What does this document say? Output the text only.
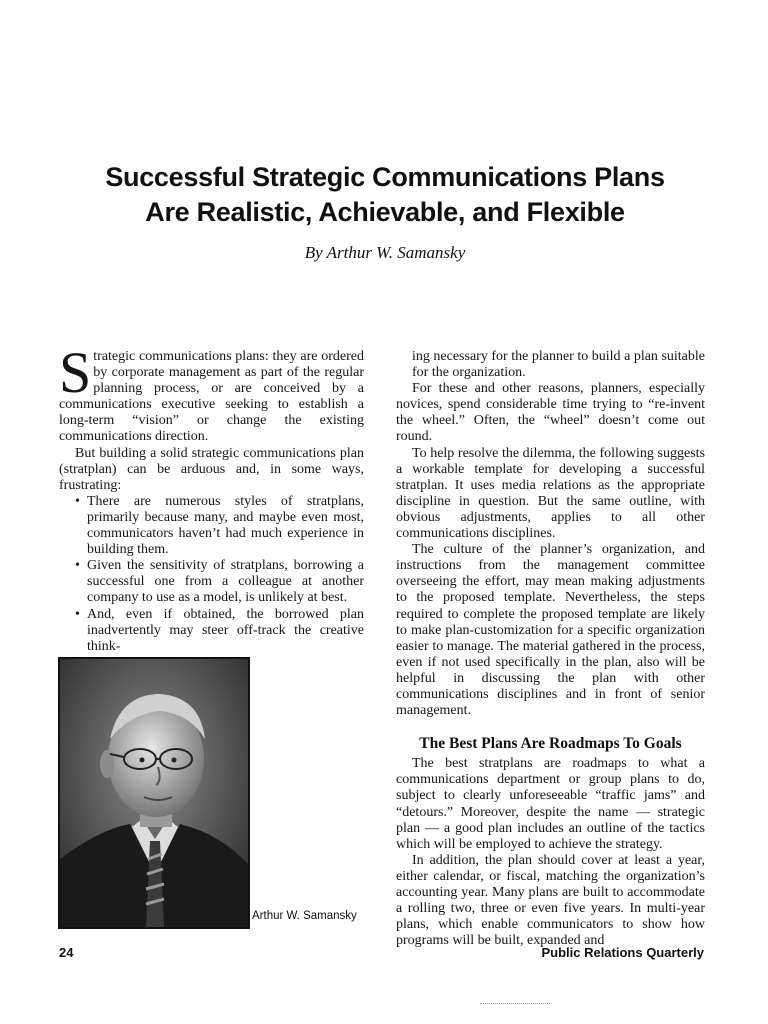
Successful Strategic Communications Plans
Are Realistic, Achievable, and Flexible
By Arthur W. Samansky

Strategic communications plans: they are ordered by corporate management as part of the regular planning process, or are conceived by a communications executive seeking to establish a long-term “vision” or change the existing communications direction.

But building a solid strategic communications plan (stratplan) can be arduous and, in some ways, frustrating:

• There are numerous styles of stratplans, primarily because many, and maybe even most, communicators haven’t had much experience in building them.
• Given the sensitivity of stratplans, borrowing a successful one from a colleague at another company to use as a model, is unlikely at best.
• And, even if obtained, the borrowed plan inadvertently may steer off-track the creative think-

ing necessary for the planner to build a plan suitable for the organization.

For these and other reasons, planners, especially novices, spend considerable time trying to “re-invent the wheel.” Often, the “wheel” doesn’t come out round.

To help resolve the dilemma, the following suggests a workable template for developing a successful stratplan. It uses media relations as the appropriate discipline in question. But the same outline, with obvious adjustments, applies to all other communications disciplines.

The culture of the planner’s organization, and instructions from the management committee overseeing the effort, may mean making adjustments to the proposed template. Nevertheless, the steps required to complete the proposed template are likely to make plan-customization for a specific organization easier to manage. The material gathered in the process, even if not used specifically in the plan, also will be helpful in discussing the plan with other communications disciplines and in front of senior management.

The Best Plans Are Roadmaps To Goals

The best stratplans are roadmaps to what a communications department or group plans to do, subject to clearly unforeseeable “traffic jams” and “detours.” Moreover, despite the name — strategic plan — a good plan includes an outline of the tactics which will be employed to achieve the strategy.

In addition, the plan should cover at least a year, either calendar, or fiscal, matching the organization’s accounting year. Many plans are built to accommodate a rolling two, three or even five years. In multi-year plans, which enable communicators to show how programs will be built, expanded and

Arthur W. Samansky
24	Public Relations Quarterly
